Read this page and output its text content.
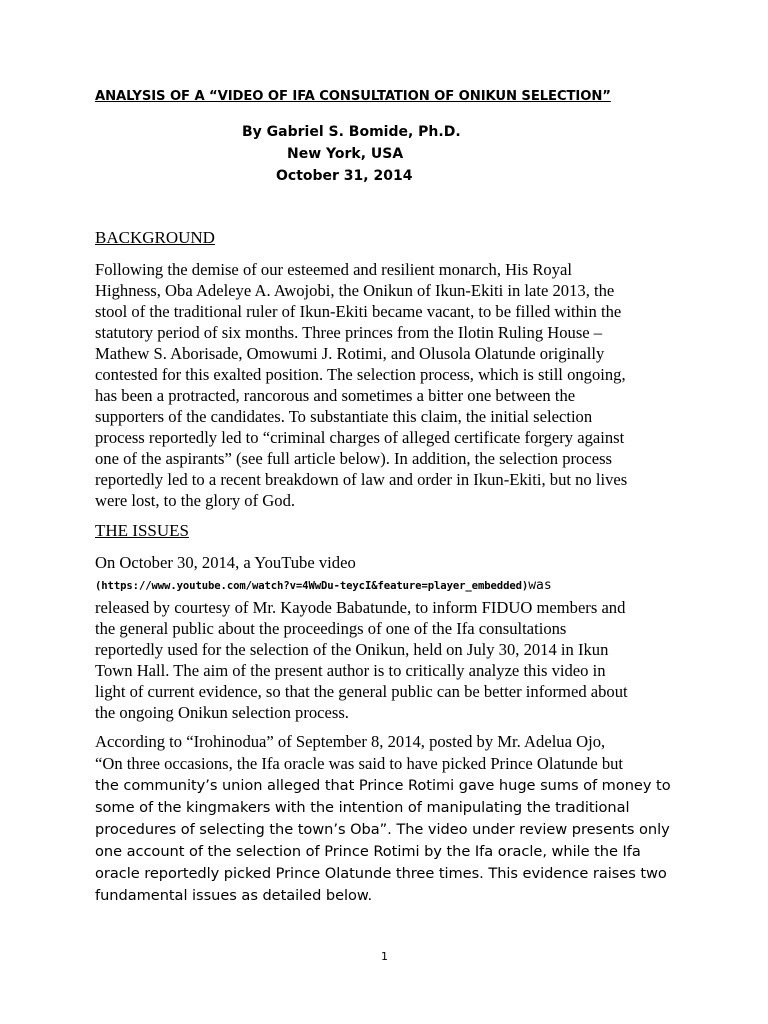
ANALYSIS OF A “VIDEO OF IFA CONSULTATION OF ONIKUN SELECTION”
By Gabriel S. Bomide, Ph.D.
New York, USA
October 31, 2014
BACKGROUND
Following the demise of our esteemed and resilient monarch, His Royal
Highness, Oba Adeleye A. Awojobi, the Onikun of Ikun-Ekiti in late 2013, the
stool of the traditional ruler of Ikun-Ekiti became vacant, to be filled within the
statutory period of six months. Three princes from the Ilotin Ruling House –
Mathew S. Aborisade, Omowumi J. Rotimi, and Olusola Olatunde originally
contested for this exalted position. The selection process, which is still ongoing,
has been a protracted, rancorous and sometimes a bitter one between the
supporters of the candidates. To substantiate this claim, the initial selection
process reportedly led to “criminal charges of alleged certificate forgery against
one of the aspirants” (see full article below). In addition, the selection process
reportedly led to a recent breakdown of law and order in Ikun-Ekiti, but no lives
were lost, to the glory of God.
THE ISSUES
On October 30, 2014, a YouTube video
(https://www.youtube.com/watch?v=4WwDu-teycI&feature=player_embedded)was
released by courtesy of Mr. Kayode Babatunde, to inform FIDUO members and
the general public about the proceedings of one of the Ifa consultations
reportedly used for the selection of the Onikun, held on July 30, 2014 in Ikun
Town Hall. The aim of the present author is to critically analyze this video in
light of current evidence, so that the general public can be better informed about
the ongoing Onikun selection process.
According to “Irohinodua” of September 8, 2014, posted by Mr. Adelua Ojo,
“On three occasions, the Ifa oracle was said to have picked Prince Olatunde but
the community’s union alleged that Prince Rotimi gave huge sums of money to
some of the kingmakers with the intention of manipulating the traditional
procedures of selecting the town’s Oba”. The video under review presents only
one account of the selection of Prince Rotimi by the Ifa oracle, while the Ifa
oracle reportedly picked Prince Olatunde three times. This evidence raises two
fundamental issues as detailed below.
1
